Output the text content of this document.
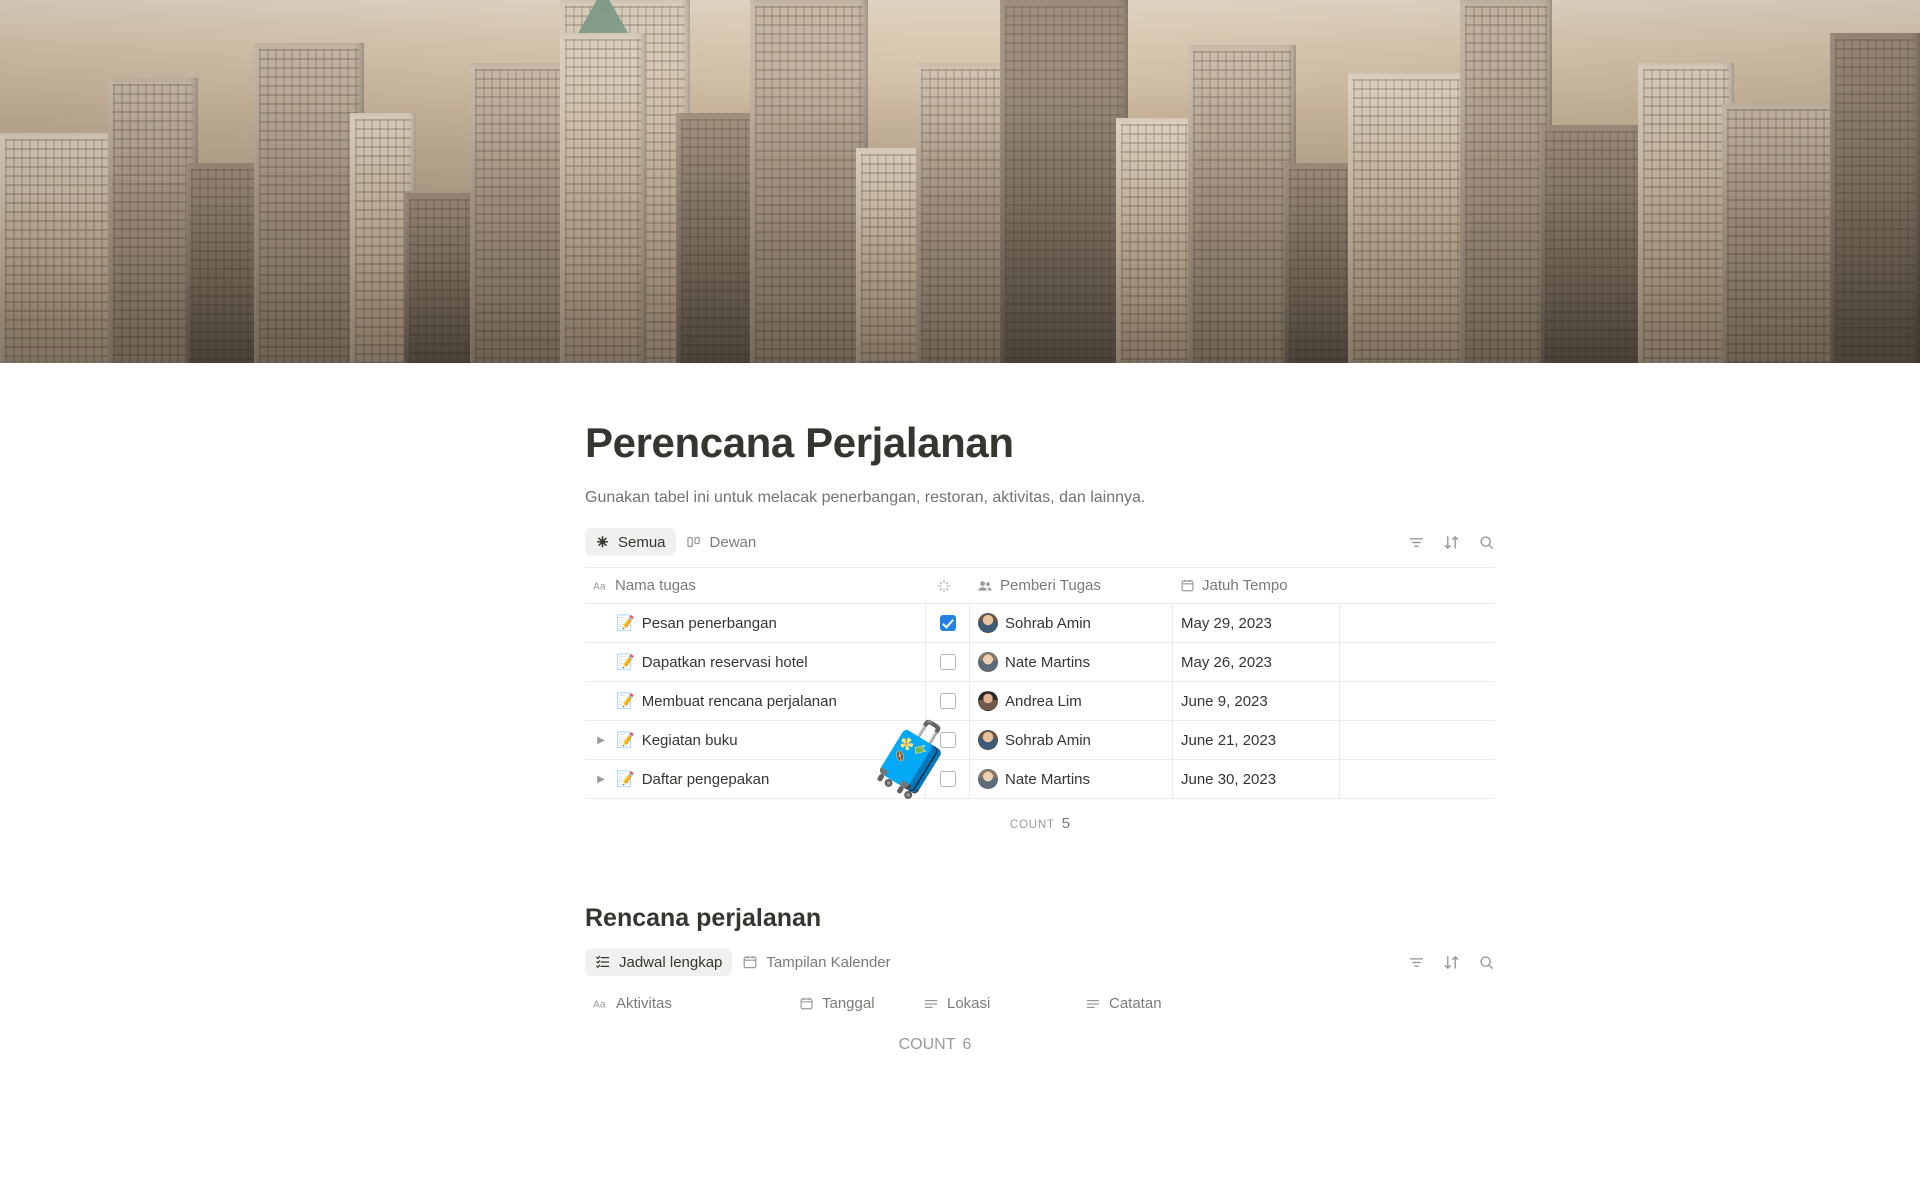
🧳
Perencana Perjalanan

Gunakan tabel ini untuk melacak penerbangan, restoran, aktivitas, dan lainnya.

Semua	Dewan
Aa Nama tugas	Pemberi Tugas	Jatuh Tempo
📝 Pesan penerbangan	Sohrab Amin	May 29, 2023
📝 Dapatkan reservasi hotel	Nate Martins	May 26, 2023
📝 Membuat rencana perjalanan	Andrea Lim	June 9, 2023
▶ 📝 Kegiatan buku	Sohrab Amin	June 21, 2023
▶ 📝 Daftar pengepakan	Nate Martins	June 30, 2023
COUNT 5
Rencana perjalanan
Jadwal lengkap	Tampilan Kalender
Aa Aktivitas	Tanggal	Lokasi	Catatan
COUNT 6
